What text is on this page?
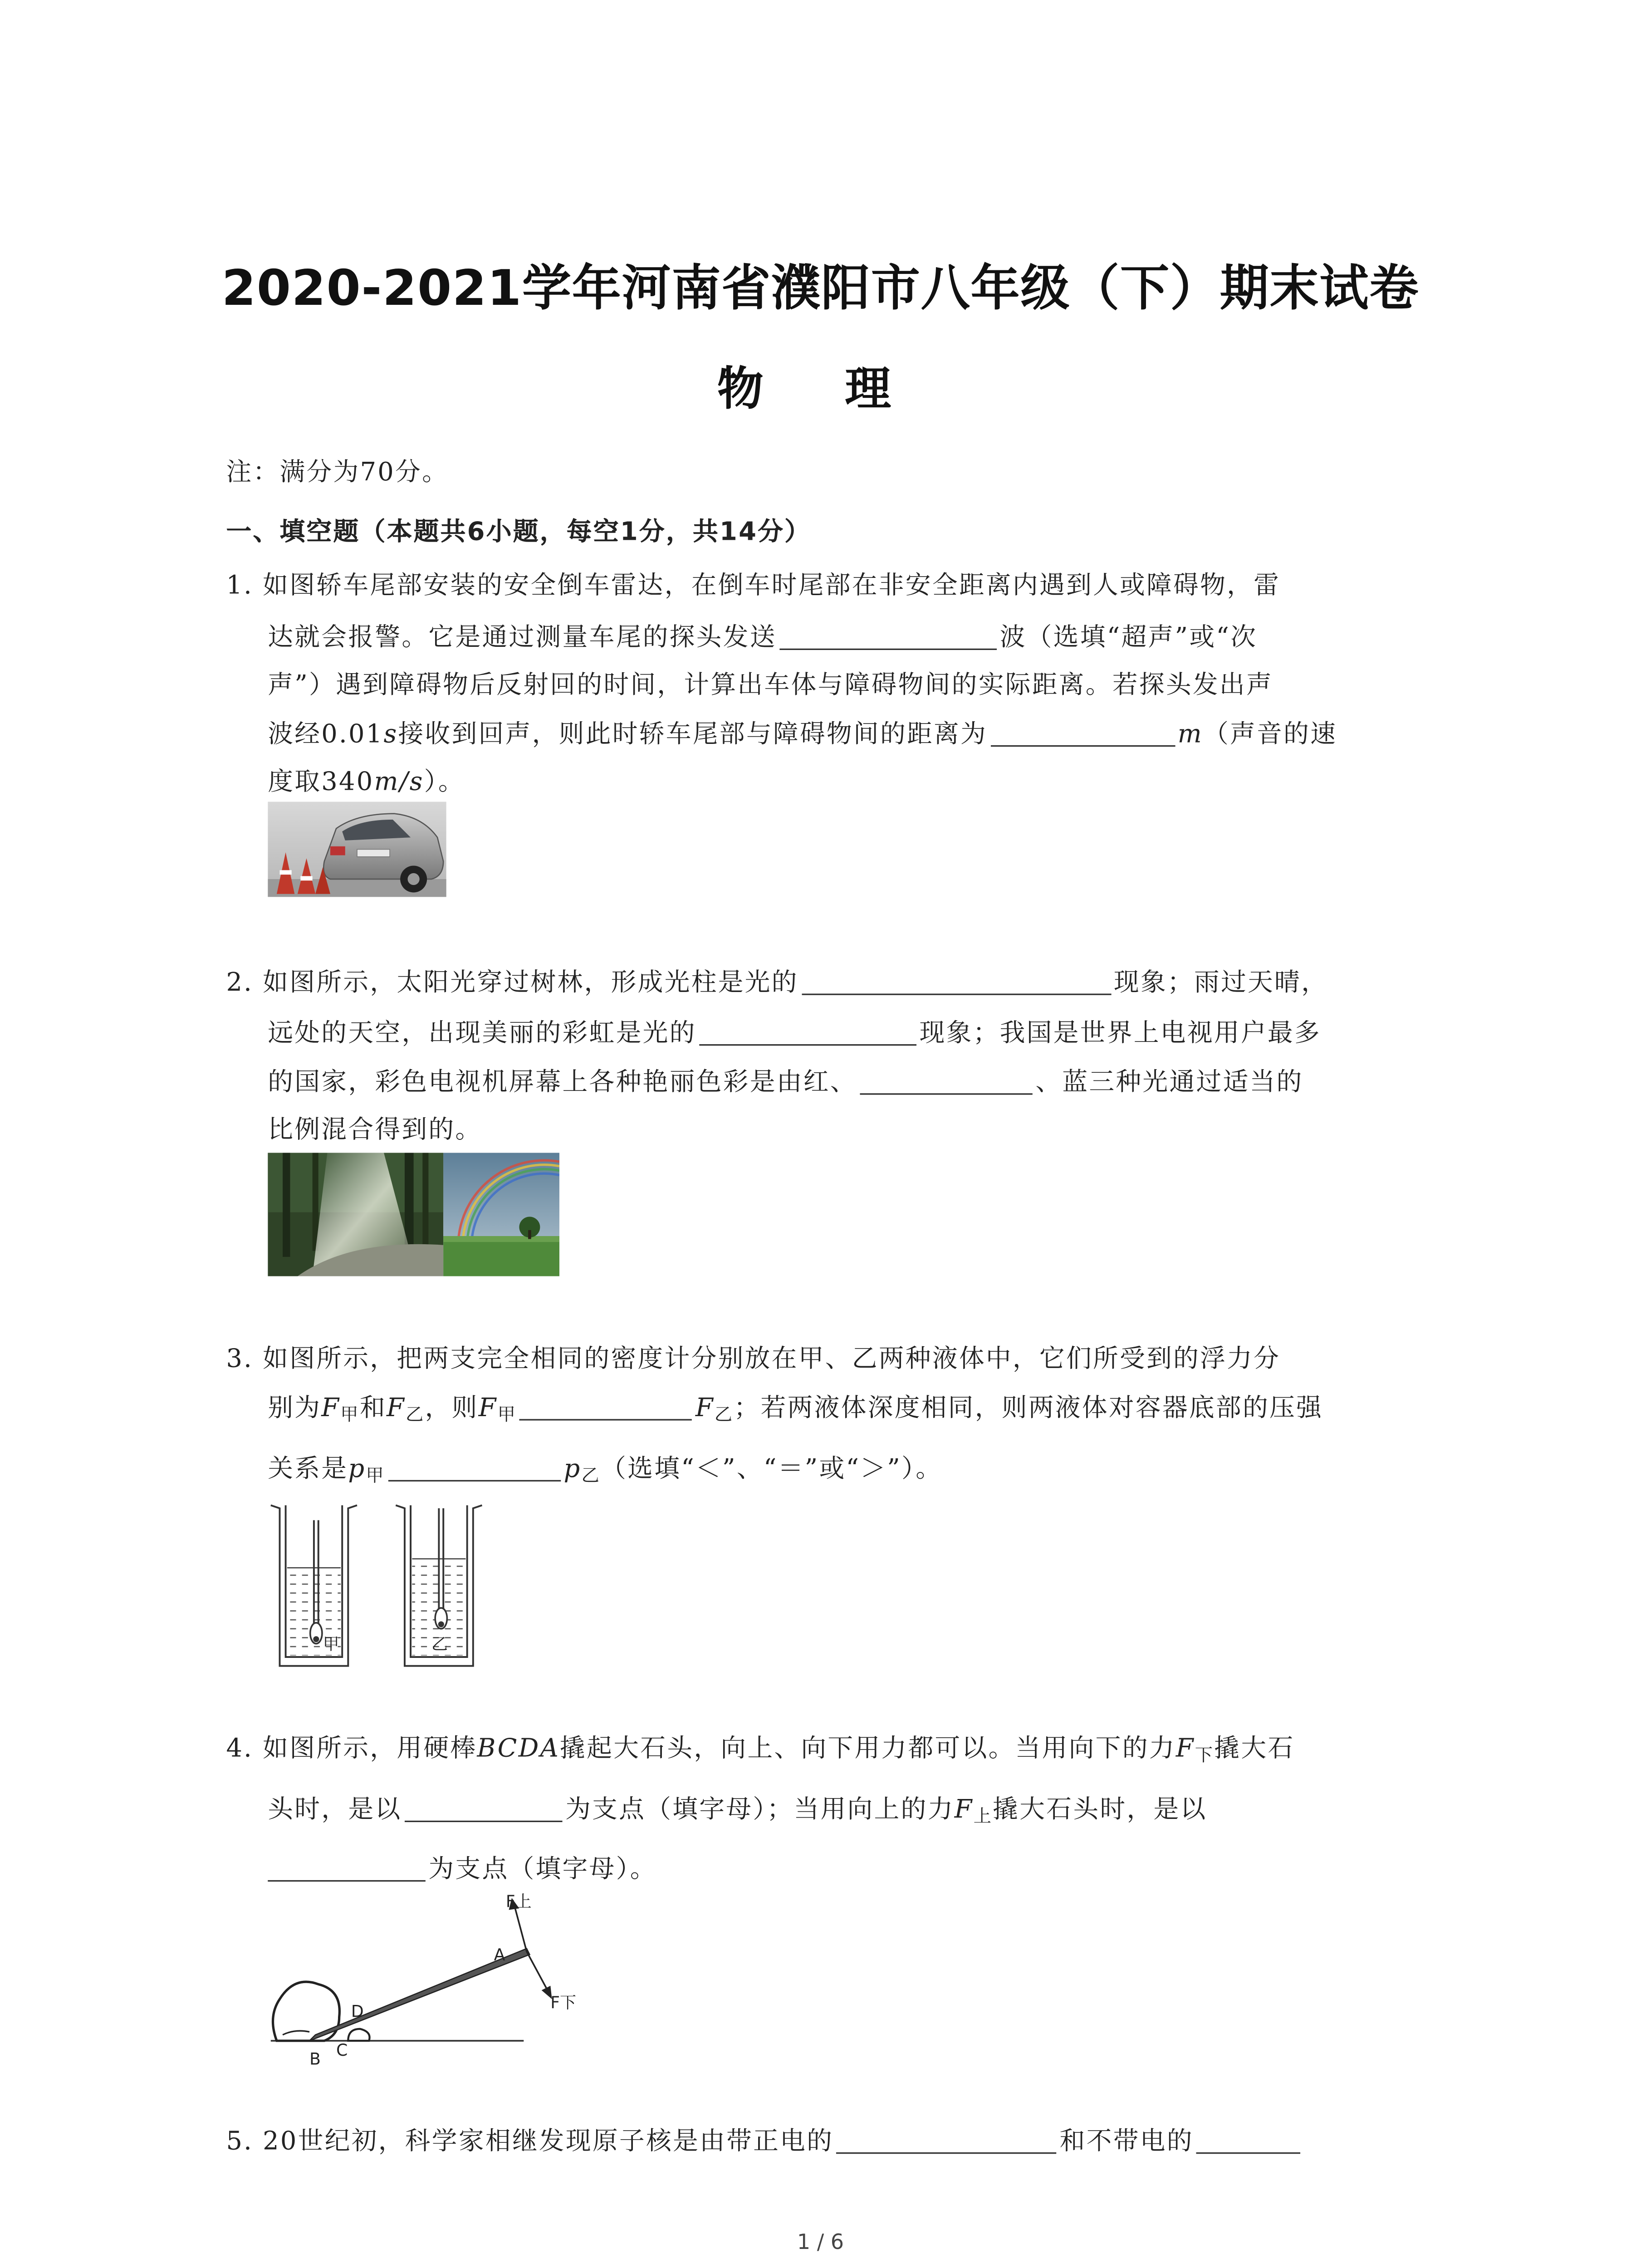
2020-2021学年河南省濮阳市八年级（下）期末试卷
物 理
注：满分为70分。
一、填空题（本题共6小题，每空1分，共14分）
1. 如图轿车尾部安装的安全倒车雷达，在倒车时尾部在非安全距离内遇到人或障碍物，雷
达就会报警。它是通过测量车尾的探头发送	波（选填“超声”或“次
声”）遇到障碍物后反射回的时间，计算出车体与障碍物间的实际距离。若探头发出声
波经0.01s接收到回声，则此时轿车尾部与障碍物间的距离为	m（声音的速
度取340m/s）。
2. 如图所示，太阳光穿过树林，形成光柱是光的	现象；雨过天晴，
远处的天空，出现美丽的彩虹是光的	现象；我国是世界上电视用户最多
的国家，彩色电视机屏幕上各种艳丽色彩是由红、	、蓝三种光通过适当的
比例混合得到的。
3. 如图所示，把两支完全相同的密度计分别放在甲、乙两种液体中，它们所受到的浮力分
别为$F_甲$和$F_乙$，则$F_甲$	$F_乙$；若两液体深度相同，则两液体对容器底部的压强
关系是$p_甲$	$p_乙$（选填“＜”、“＝”或“＞”）。
甲	乙
4. 如图所示，用硬棒BCDA撬起大石头，向上、向下用力都可以。当用向下的力$F_下$撬大石
头时，是以	为支点（填字母）；当用向上的力$F_上$撬大石头时，是以
为支点（填字母）。
A
D
B	C
F上
F下
5. 20世纪初，科学家相继发现原子核是由带正电的	和不带电的
1 / 6
